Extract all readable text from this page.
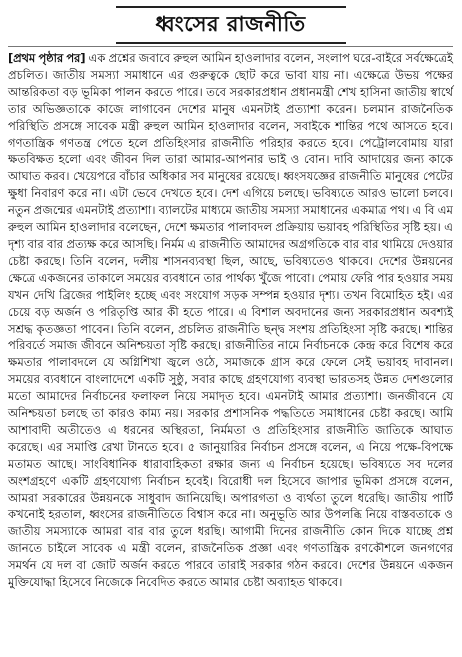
ধ্বংসের রাজনীতি

[প্রথম পৃষ্ঠার পর] এক প্রশ্নের জবাবে রুহুল আমিন হাওলাদার বলেন, সংলাপ ঘরে-বাইরে সর্বক্ষেত্রেই প্রচলিত। জাতীয় সমস্যা সমাধানে এর গুরুত্বকে ছোট করে ভাবা যায় না। এক্ষেত্রে উভয় পক্ষের আন্তরিকতা বড় ভূমিকা পালন করতে পারে। তবে সরকারপ্রধান প্রধানমন্ত্রী শেখ হাসিনা জাতীয় স্বার্থে তার অভিজ্ঞতাকে কাজে লাগাবেন দেশের মানুষ এমনটাই প্রত্যাশা করেন। চলমান রাজনৈতিক পরিস্থিতি প্রসঙ্গে সাবেক মন্ত্রী রুহুল আমিন হাওলাদার বলেন, সবাইকে শান্তির পথে আসতে হবে। গণতান্ত্রিক গণতন্ত্র পেতে হলে প্রতিহিংসার রাজনীতি পরিহার করতে হবে। পেট্রোলবোমায় যারা ক্ষতবিক্ষত হলো এবং জীবন দিল তারা আমার-আপনার ভাই ও বোন। দাবি আদায়ের জন্য কাকে আঘাত করব। খেয়েপরে বাঁচার অধিকার সব মানুষের রয়েছে। ধ্বংসযজ্ঞের রাজনীতি মানুষের পেটের ক্ষুধা নিবারণ করে না। এটা ভেবে দেখতে হবে। দেশ এগিয়ে চলছে। ভবিষ্যতে আরও ভালো চলবে। নতুন প্রজন্মের এমনটাই প্রত্যাশা। ব্যালটের মাধ্যমে জাতীয় সমস্যা সমাধানের একমাত্র পথ। এ বি এম রুহুল আমিন হাওলাদার বলেছেন, দেশে ক্ষমতার পালাবদল প্রক্রিয়ায় ভয়াবহ পরিস্থিতির সৃষ্টি হয়। এ দৃশ্য বার বার প্রত্যক্ষ করে আসছি। নির্মম এ রাজনীতি আমাদের অগ্রগতিকে বার বার থামিয়ে দেওয়ার চেষ্টা করছে। তিনি বলেন, দলীয় শাসনব্যবস্থা ছিল, আছে, ভবিষ্যতেও থাকবে। দেশের উন্নয়নের ক্ষেত্রে একজনের তাকালে সময়ের ব্যবধানে তার পার্থক্য খুঁজে পাবো। পেমায় ফেরি পার হওয়ার সময় যখন দেখি ব্রিজের পাইলিং হচ্ছে এবং সংযোগ সড়ক সম্পন্ন হওয়ার দৃশ্য। তখন বিমোহিত হই। এর চেয়ে বড় অর্জন ও পরিতৃপ্তি আর কী হতে পারে। এ বিশাল অবদানের জন্য সরকারপ্রধান অবশ্যই সশ্রদ্ধ কৃতজ্ঞতা পাবেন। তিনি বলেন, প্রচলিত রাজনীতি ছন্দ্ব সংশয় প্রতিহিংসা সৃষ্টি করছে। শান্তির পরিবর্তে সমাজ জীবনে অনিশ্চয়তা সৃষ্টি করছে। রাজনীতির নামে নির্বাচনকে কেন্দ্র করে বিশেষ করে ক্ষমতার পালাবদলে যে অগ্নিশিখা জ্বলে ওঠে, সমাজকে গ্রাস করে ফেলে সেই ভয়াবহ দাবানল। সময়ের ব্যবধানে বাংলাদেশে একটি সুষ্ঠু, সবার কাছে গ্রহণযোগ্য ব্যবস্থা ভারতসহ উন্নত দেশগুলোর মতো আমাদের নির্বাচনের ফলাফল নিয়ে সমাদৃত হবে। এমনটাই আমার প্রত্যাশা। জনজীবনে যে অনিশ্চয়তা চলছে তা কারও কাম্য নয়। সরকার প্রশাসনিক পদ্ধতিতে সমাধানের চেষ্টা করছে। আমি আশাবাদী অতীতেও এ ধরনের অস্থিরতা, নির্মমতা ও প্রতিহিংসার রাজনীতি জাতিকে আঘাত করেছে। এর সমাপ্তি রেখা টানতে হবে। ৫ জানুয়ারির নির্বাচন প্রসঙ্গে বলেন, এ নিয়ে পক্ষে-বিপক্ষে মতামত আছে। সাংবিধানিক ধারাবাহিকতা রক্ষার জন্য এ নির্বাচন হয়েছে। ভবিষ্যতে সব দলের অংশগ্রহণে একটি গ্রহণযোগ্য নির্বাচন হবেই। বিরোধী দল হিসেবে জাপার ভূমিকা প্রসঙ্গে বলেন, আমরা সরকারের উন্নয়নকে সাধুবাদ জানিয়েছি। অপারগতা ও ব্যর্থতা তুলে ধরেছি। জাতীয় পার্টি কখনোই হরতাল, ধ্বংসের রাজনীতিতে বিশ্বাস করে না। অনুভূতি আর উপলব্ধি নিয়ে বাস্তবতাকে ও জাতীয় সমস্যাকে আমরা বার বার তুলে ধরছি। আগামী দিনের রাজনীতি কোন দিকে যাচ্ছে প্রশ্ন জানতে চাইলে সাবেক এ মন্ত্রী বলেন, রাজনৈতিক প্রজ্ঞা এবং গণতান্ত্রিক রণকৌশলে জনগণের সমর্থন যে দল বা জোট অর্জন করতে পারবে তারাই সরকার গঠন করবে। দেশের উন্নয়নে একজন মুক্তিযোদ্ধা হিসেবে নিজেকে নিবেদিত করতে আমার চেষ্টা অব্যাহত থাকবে।
